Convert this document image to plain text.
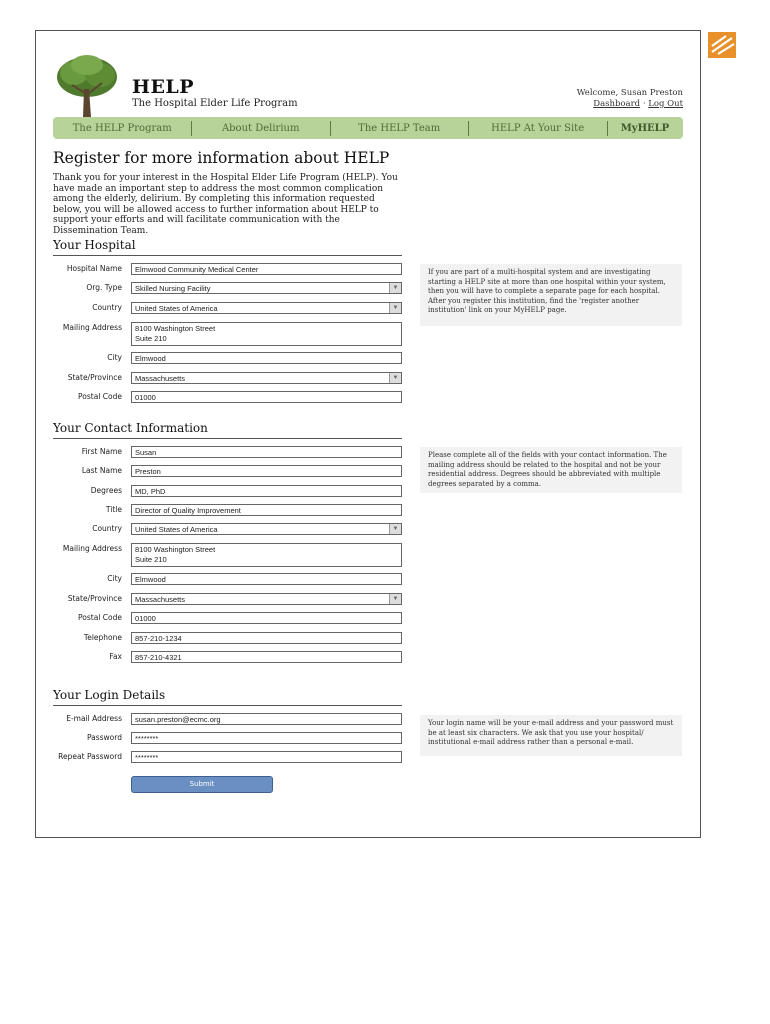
HELP
The Hospital Elder Life Program
Welcome, Susan Preston
Dashboard · Log Out
The HELP Program	About Delirium	The HELP Team	HELP At Your Site	MyHELP
Register for more information about HELP
Thank you for your interest in the Hospital Elder Life Program (HELP). You have made an important step to address the most common complication among the elderly, delirium. By completing this information requested below, you will be allowed access to further information about HELP to support your efforts and will facilitate communication with the Dissemination Team.
Your Hospital
Hospital Name	Elmwood Community Medical Center
Org. Type	Skilled Nursing Facility	▼
Country	United States of America	▼
Mailing Address	8100 Washington Street
Suite 210
City	Elmwood
State/Province	Massachusetts	▼
Postal Code	01000
If you are part of a multi-hospital system and are investigating starting a HELP site at more than one hospital within your system, then you will have to complete a separate page for each hospital. After you register this institution, find the 'register another institution' link on your MyHELP page.
Your Contact Information
First Name	Susan
Last Name	Preston
Degrees	MD, PhD
Title	Director of Quality Improvement
Country	United States of America	▼
Mailing Address	8100 Washington Street
Suite 210
City	Elmwood
State/Province	Massachusetts	▼
Postal Code	01000
Telephone	857-210-1234
Fax	857-210-4321
Please complete all of the fields with your contact information. The mailing address should be related to the hospital and not be your residential address. Degrees should be abbreviated with multiple degrees separated by a comma.
Your Login Details
E-mail Address	susan.preston@ecmc.org
Password	********
Repeat Password	********
Your login name will be your e-mail address and your password must be at least six characters. We ask that you use your hospital/ institutional e-mail address rather than a personal e-mail.
Submit
